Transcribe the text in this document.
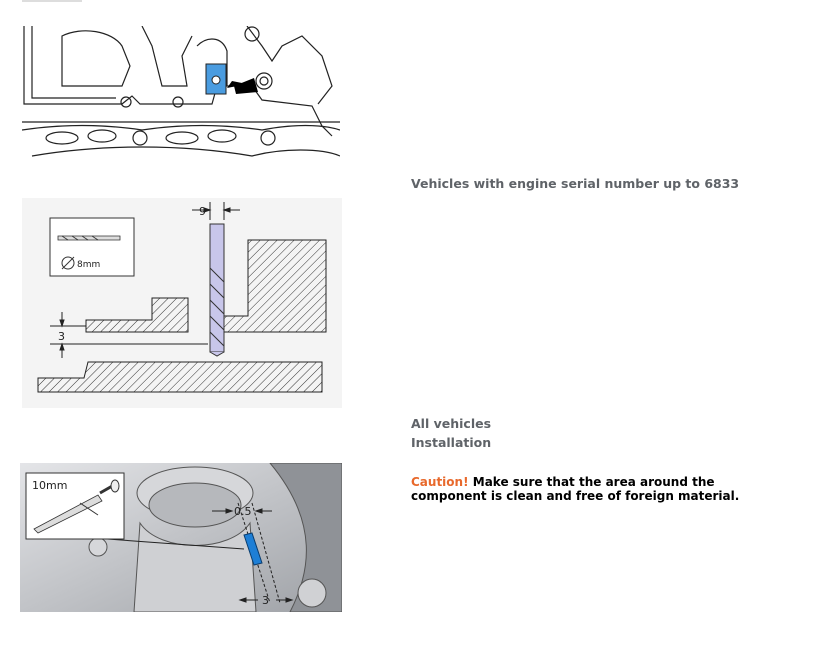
8mm
9
3
10mm
0.5
3
Vehicles with engine serial number up to 6833
All vehicles
Installation
Caution! Make sure that the area around the component is clean and free of foreign material.
